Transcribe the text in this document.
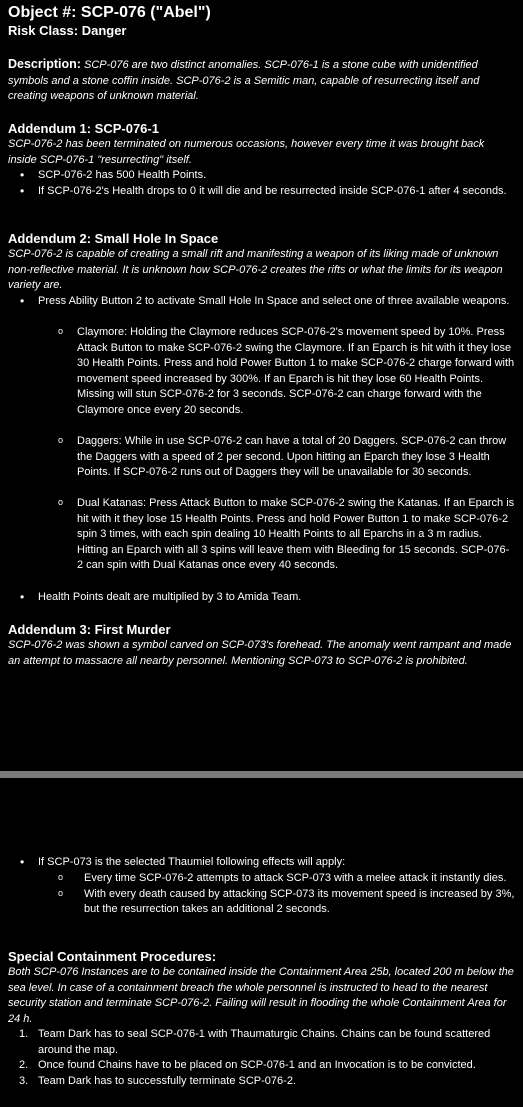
Object #: SCP-076 ("Abel")
Risk Class: Danger
Description: SCP-076 are two distinct anomalies. SCP-076-1 is a stone cube with unidentified symbols and a stone coffin inside. SCP-076-2 is a Semitic man, capable of resurrecting itself and creating weapons of unknown material.
Addendum 1: SCP-076-1
SCP-076-2 has been terminated on numerous occasions, however every time it was brought back inside SCP-076-1 "resurrecting" itself.
• SCP-076-2 has 500 Health Points.
• If SCP-076-2's Health drops to 0 it will die and be resurrected inside SCP-076-1 after 4 seconds.
Addendum 2: Small Hole In Space
SCP-076-2 is capable of creating a small rift and manifesting a weapon of its liking made of unknown non-reflective material. It is unknown how SCP-076-2 creates the rifts or what the limits for its weapon variety are.
• Press Ability Button 2 to activate Small Hole In Space and select one of three available weapons.
o Claymore: Holding the Claymore reduces SCP-076-2's movement speed by 10%. Press Attack Button to make SCP-076-2 swing the Claymore. If an Eparch is hit with it they lose 30 Health Points. Press and hold Power Button 1 to make SCP-076-2 charge forward with movement speed increased by 300%. If an Eparch is hit they lose 60 Health Points. Missing will stun SCP-076-2 for 3 seconds. SCP-076-2 can charge forward with the Claymore once every 20 seconds.
o Daggers: While in use SCP-076-2 can have a total of 20 Daggers. SCP-076-2 can throw the Daggers with a speed of 2 per second. Upon hitting an Eparch they lose 3 Health Points. If SCP-076-2 runs out of Daggers they will be unavailable for 30 seconds.
o Dual Katanas: Press Attack Button to make SCP-076-2 swing the Katanas. If an Eparch is hit with it they lose 15 Health Points. Press and hold Power Button 1 to make SCP-076-2 spin 3 times, with each spin dealing 10 Health Points to all Eparchs in a 3 m radius. Hitting an Eparch with all 3 spins will leave them with Bleeding for 15 seconds. SCP-076-2 can spin with Dual Katanas once every 40 seconds.
• Health Points dealt are multiplied by 3 to Amida Team.
Addendum 3: First Murder
SCP-076-2 was shown a symbol carved on SCP-073's forehead. The anomaly went rampant and made an attempt to massacre all nearby personnel. Mentioning SCP-073 to SCP-076-2 is prohibited.
• If SCP-073 is the selected Thaumiel following effects will apply:
o Every time SCP-076-2 attempts to attack SCP-073 with a melee attack it instantly dies.
o With every death caused by attacking SCP-073 its movement speed is increased by 3%, but the resurrection takes an additional 2 seconds.
Special Containment Procedures:
Both SCP-076 Instances are to be contained inside the Containment Area 25b, located 200 m below the sea level. In case of a containment breach the whole personnel is instructed to head to the nearest security station and terminate SCP-076-2. Failing will result in flooding the whole Containment Area for 24 h.
1. Team Dark has to seal SCP-076-1 with Thaumaturgic Chains. Chains can be found scattered around the map.
2. Once found Chains have to be placed on SCP-076-1 and an Invocation is to be convicted.
3. Team Dark has to successfully terminate SCP-076-2.
